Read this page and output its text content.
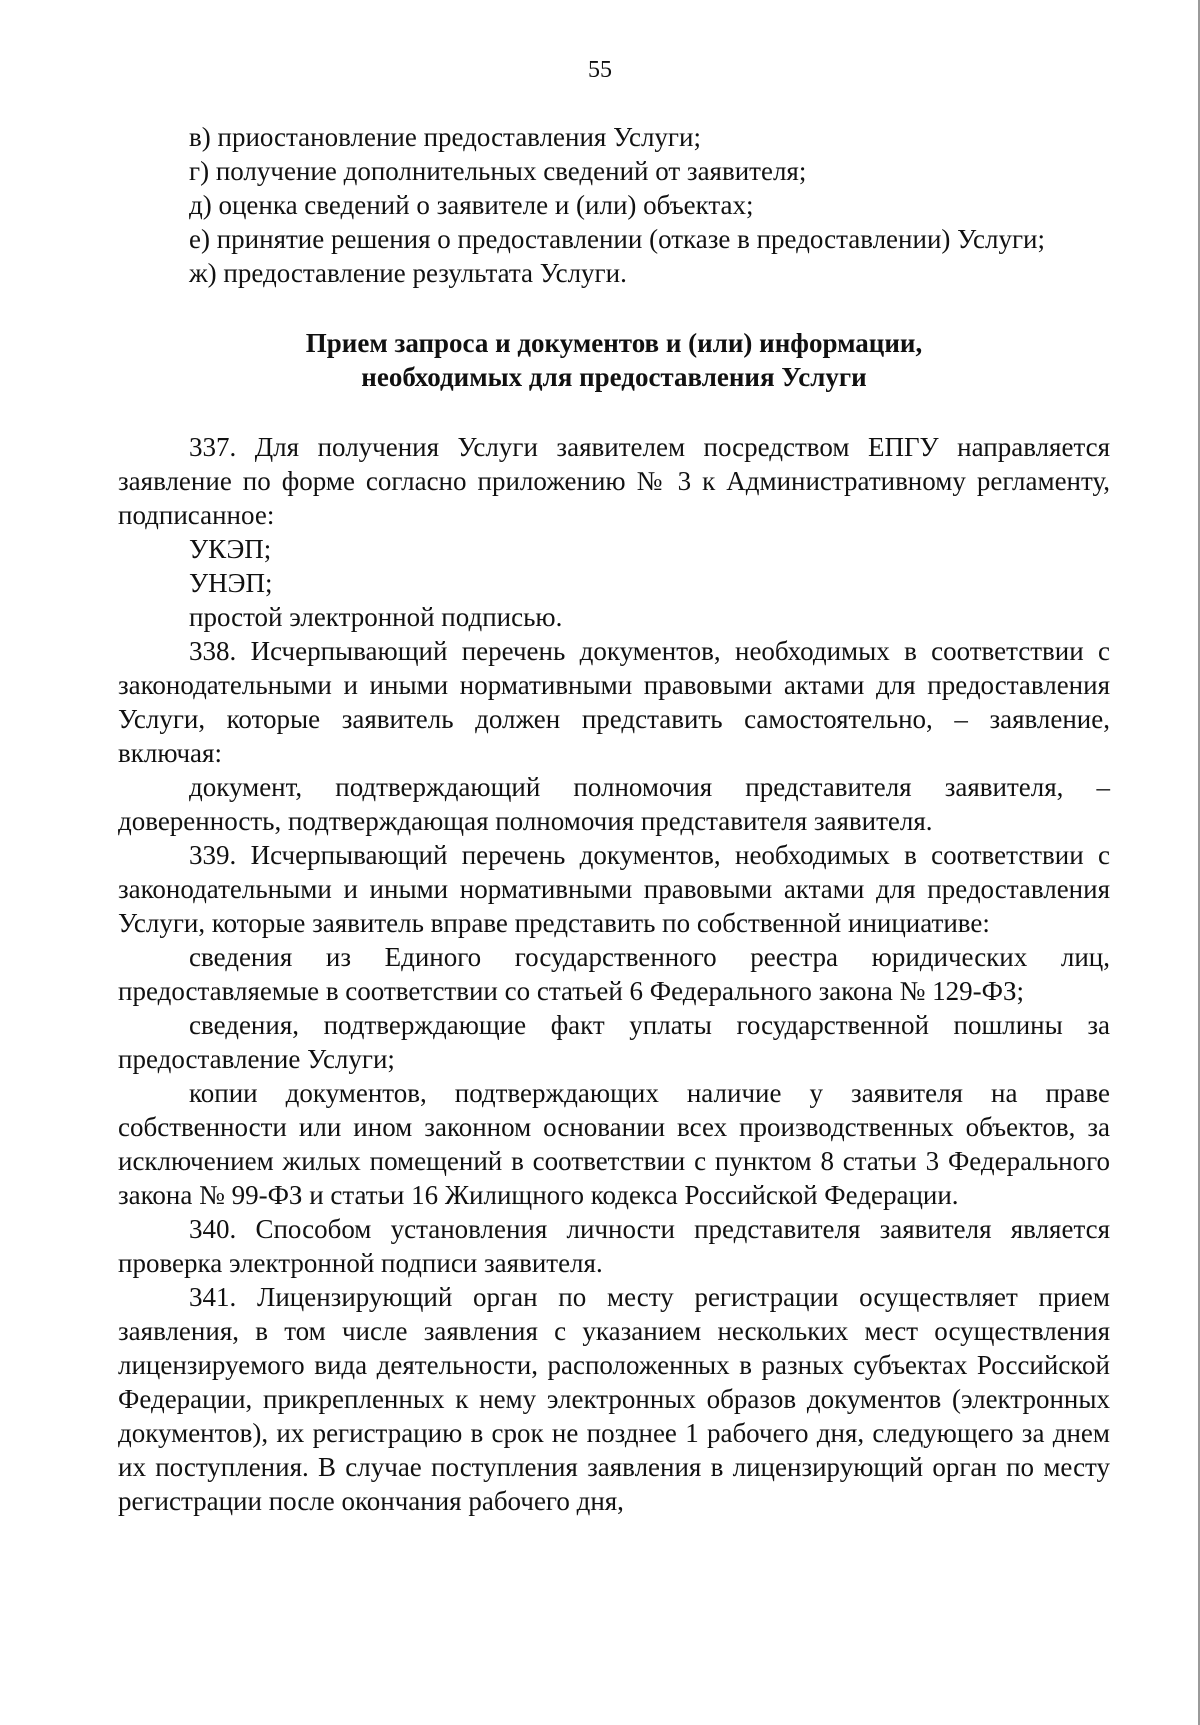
55

в) приостановление предоставления Услуги;

г) получение дополнительных сведений от заявителя;

д) оценка сведений о заявителе и (или) объектах;

е) принятие решения о предоставлении (отказе в предоставлении) Услуги;

ж) предоставление результата Услуги.

Прием запроса и документов и (или) информации,
необходимых для предоставления Услуги

337. Для получения Услуги заявителем посредством ЕПГУ направляется заявление по форме согласно приложению № 3 к Административному регламенту, подписанное:

УКЭП;

УНЭП;

простой электронной подписью.

338. Исчерпывающий перечень документов, необходимых в соответствии с законодательными и иными нормативными правовыми актами для предоставления Услуги, которые заявитель должен представить самостоятельно, – заявление, включая:

документ, подтверждающий полномочия представителя заявителя, – доверенность, подтверждающая полномочия представителя заявителя.

339. Исчерпывающий перечень документов, необходимых в соответствии с законодательными и иными нормативными правовыми актами для предоставления Услуги, которые заявитель вправе представить по собственной инициативе:

сведения из Единого государственного реестра юридических лиц, предоставляемые в соответствии со статьей 6 Федерального закона № 129-ФЗ;

сведения, подтверждающие факт уплаты государственной пошлины за предоставление Услуги;

копии документов, подтверждающих наличие у заявителя на праве собственности или ином законном основании всех производственных объектов, за исключением жилых помещений в соответствии с пунктом 8 статьи 3 Федерального закона № 99-ФЗ и статьи 16 Жилищного кодекса Российской Федерации.

340. Способом установления личности представителя заявителя является проверка электронной подписи заявителя.

341. Лицензирующий орган по месту регистрации осуществляет прием заявления, в том числе заявления с указанием нескольких мест осуществления лицензируемого вида деятельности, расположенных в разных субъектах Российской Федерации, прикрепленных к нему электронных образов документов (электронных документов), их регистрацию в срок не позднее 1 рабочего дня, следующего за днем их поступления. В случае поступления заявления в лицензирующий орган по месту регистрации после окончания рабочего дня,
